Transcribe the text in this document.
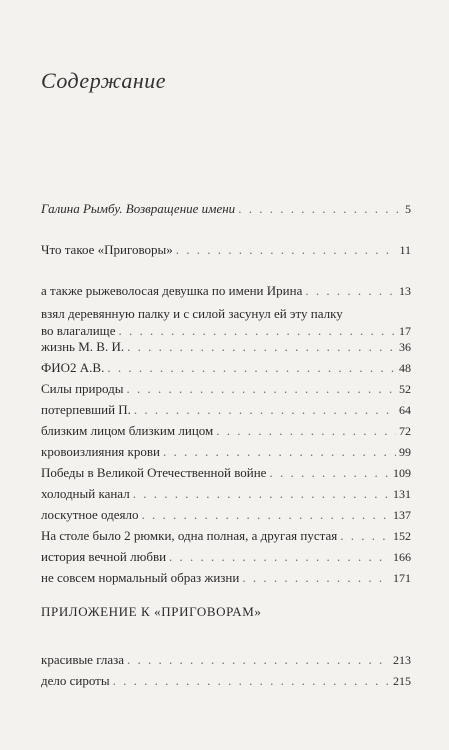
Содержание
Галина Рымбу. Возвращение имени . . .	5
Что такое «Приговоры» . . .	11
а также рыжеволосая девушка по имени Ирина . . .	13
взял деревянную палку и с силой засунул ей эту палку
во влагалище . . .	17
жизнь М. В. И. . . .	36
ФИО2 А.В. . . .	48
Силы природы . . .	52
потерпевший П. . . .	64
близким лицом близким лицом . . .	72
кровоизлияния крови . . .	99
Победы в Великой Отечественной войне . . .	109
холодный канал . . .	131
лоскутное одеяло . . .	137
На столе было 2 рюмки, одна полная, а другая пустая . . .	152
история вечной любви . . .	166
не совсем нормальный образ жизни . . .	171
ПРИЛОЖЕНИЕ К «ПРИГОВОРАМ»
красивые глаза . . .	213
дело сироты . . .	215
